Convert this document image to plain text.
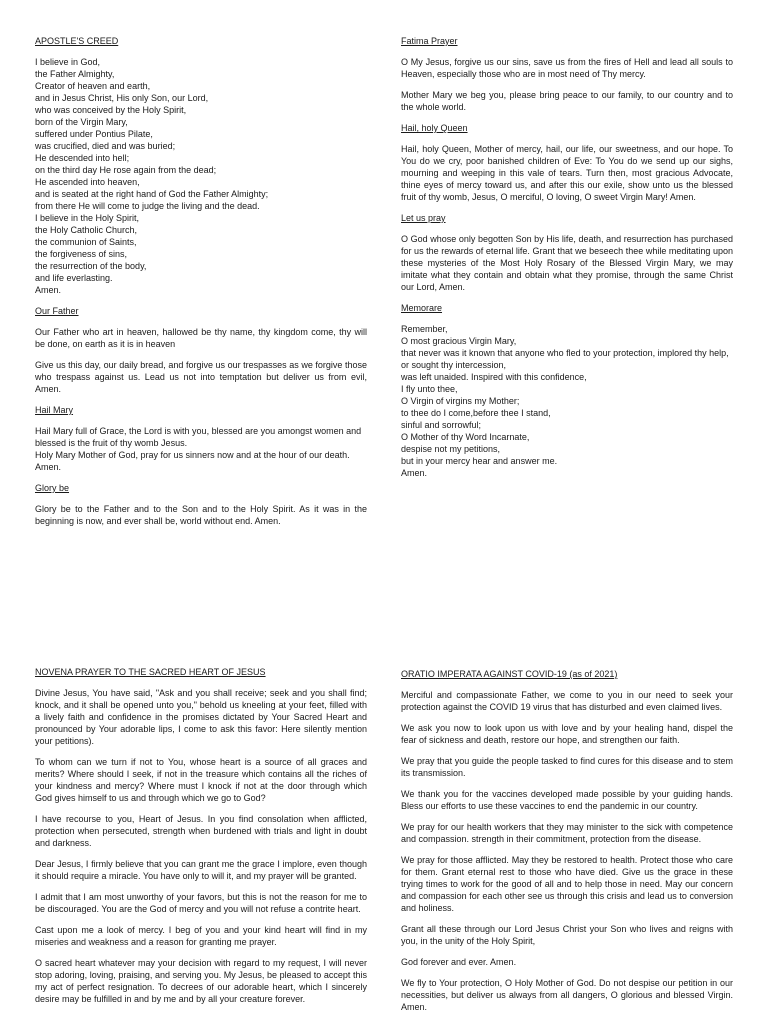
APOSTLE'S CREED
I believe in God,
the Father Almighty,
Creator of heaven and earth,
and in Jesus Christ, His only Son, our Lord,
who was conceived by the Holy Spirit,
born of the Virgin Mary,
suffered under Pontius Pilate,
was crucified, died and was buried;
He descended into hell;
on the third day He rose again from the dead;
He ascended into heaven,
and is seated at the right hand of God the Father Almighty;
from there He will come to judge the living and the dead.
I believe in the Holy Spirit,
the Holy Catholic Church,
the communion of Saints,
the forgiveness of sins,
the resurrection of the body,
and life everlasting.
Amen.
Our Father
Our Father who art in heaven, hallowed be thy name, thy kingdom come, thy will be done, on earth as it is in heaven
Give us this day, our daily bread, and forgive us our trespasses as we forgive those who trespass against us. Lead us not into temptation but deliver us from evil, Amen.
Hail Mary
Hail Mary full of Grace, the Lord is with you, blessed are you amongst women and blessed is the fruit of thy womb Jesus.
Holy Mary Mother of God, pray for us sinners now and at the hour of our death. Amen.
Glory be
Glory be to the Father and to the Son and to the Holy Spirit. As it was in the beginning is now, and ever shall be, world without end. Amen.
Fatima Prayer
O My Jesus, forgive us our sins, save us from the fires of Hell and lead all souls to Heaven, especially those who are in most need of Thy mercy.
Mother Mary we beg you, please bring peace to our family, to our country and to the whole world.
Hail, holy Queen
Hail, holy Queen, Mother of mercy, hail, our life, our sweetness, and our hope. To You do we cry, poor banished children of Eve: To You do we send up our sighs, mourning and weeping in this vale of tears. Turn then, most gracious Advocate, thine eyes of mercy toward us, and after this our exile, show unto us the blessed fruit of thy womb, Jesus, O merciful, O loving, O sweet Virgin Mary! Amen.
Let us pray
O God whose only begotten Son by His life, death, and resurrection has purchased for us the rewards of eternal life. Grant that we beseech thee while meditating upon these mysteries of the Most Holy Rosary of the Blessed Virgin Mary, we may imitate what they contain and obtain what they promise, through the same Christ our Lord, Amen.
Memorare
Remember,
O most gracious Virgin Mary,
that never was it known that anyone who fled to your protection, implored thy help, or sought thy intercession,
was left unaided. Inspired with this confidence,
I fly unto thee,
O Virgin of virgins my Mother;
to thee do I come,before thee I stand,
sinful and sorrowful;
O Mother of thy Word Incarnate,
despise not my petitions,
but in your mercy hear and answer me.
Amen.
NOVENA PRAYER TO THE SACRED HEART OF JESUS
Divine Jesus, You have said, "Ask and you shall receive; seek and you shall find; knock, and it shall be opened unto you," behold us kneeling at your feet, filled with a lively faith and confidence in the promises dictated by Your Sacred Heart and pronounced by Your adorable lips, I come to ask this favor: Here silently mention your petitions).
To whom can we turn if not to You, whose heart is a source of all graces and merits? Where should I seek, if not in the treasure which contains all the riches of your kindness and mercy? Where must I knock if not at the door through which God gives himself to us and through which we go to God?
I have recourse to you, Heart of Jesus. In you find consolation when afflicted, protection when persecuted, strength when burdened with trials and light in doubt and darkness.
Dear Jesus, I firmly believe that you can grant me the grace I implore, even though it should require a miracle. You have only to will it, and my prayer will be granted.
I admit that I am most unworthy of your favors, but this is not the reason for me to be discouraged. You are the God of mercy and you will not refuse a contrite heart.
Cast upon me a look of mercy. I beg of you and your kind heart will find in my miseries and weakness and a reason for granting me prayer.
O sacred heart whatever may your decision with regard to my request, I will never stop adoring, loving, praising, and serving you. My Jesus, be pleased to accept this my act of perfect resignation. To decrees of our adorable heart, which I sincerely desire may be fulfilled in and by me and by all your creature forever.
ORATIO IMPERATA AGAINST COVID-19 (as of 2021)
Merciful and compassionate Father, we come to you in our need to seek your protection against the COVID 19 virus that has disturbed and even claimed lives.
We ask you now to look upon us with love and by your healing hand, dispel the fear of sickness and death, restore our hope, and strengthen our faith.
We pray that you guide the people tasked to find cures for this disease and to stem its transmission.
We thank you for the vaccines developed made possible by your guiding hands. Bless our efforts to use these vaccines to end the pandemic in our country.
We pray for our health workers that they may minister to the sick with competence and compassion. strength in their commitment, protection from the disease.
We pray for those afflicted. May they be restored to health. Protect those who care for them. Grant eternal rest to those who have died. Give us the grace in these trying times to work for the good of all and to help those in need. May our concern and compassion for each other see us through this crisis and lead us to conversion and holiness.
Grant all these through our Lord Jesus Christ your Son who lives and reigns with you, in the unity of the Holy Spirit,
God forever and ever. Amen.
We fly to Your protection, O Holy Mother of God. Do not despise our petition in our necessities, but deliver us always from all dangers, O glorious and blessed Virgin. Amen.
